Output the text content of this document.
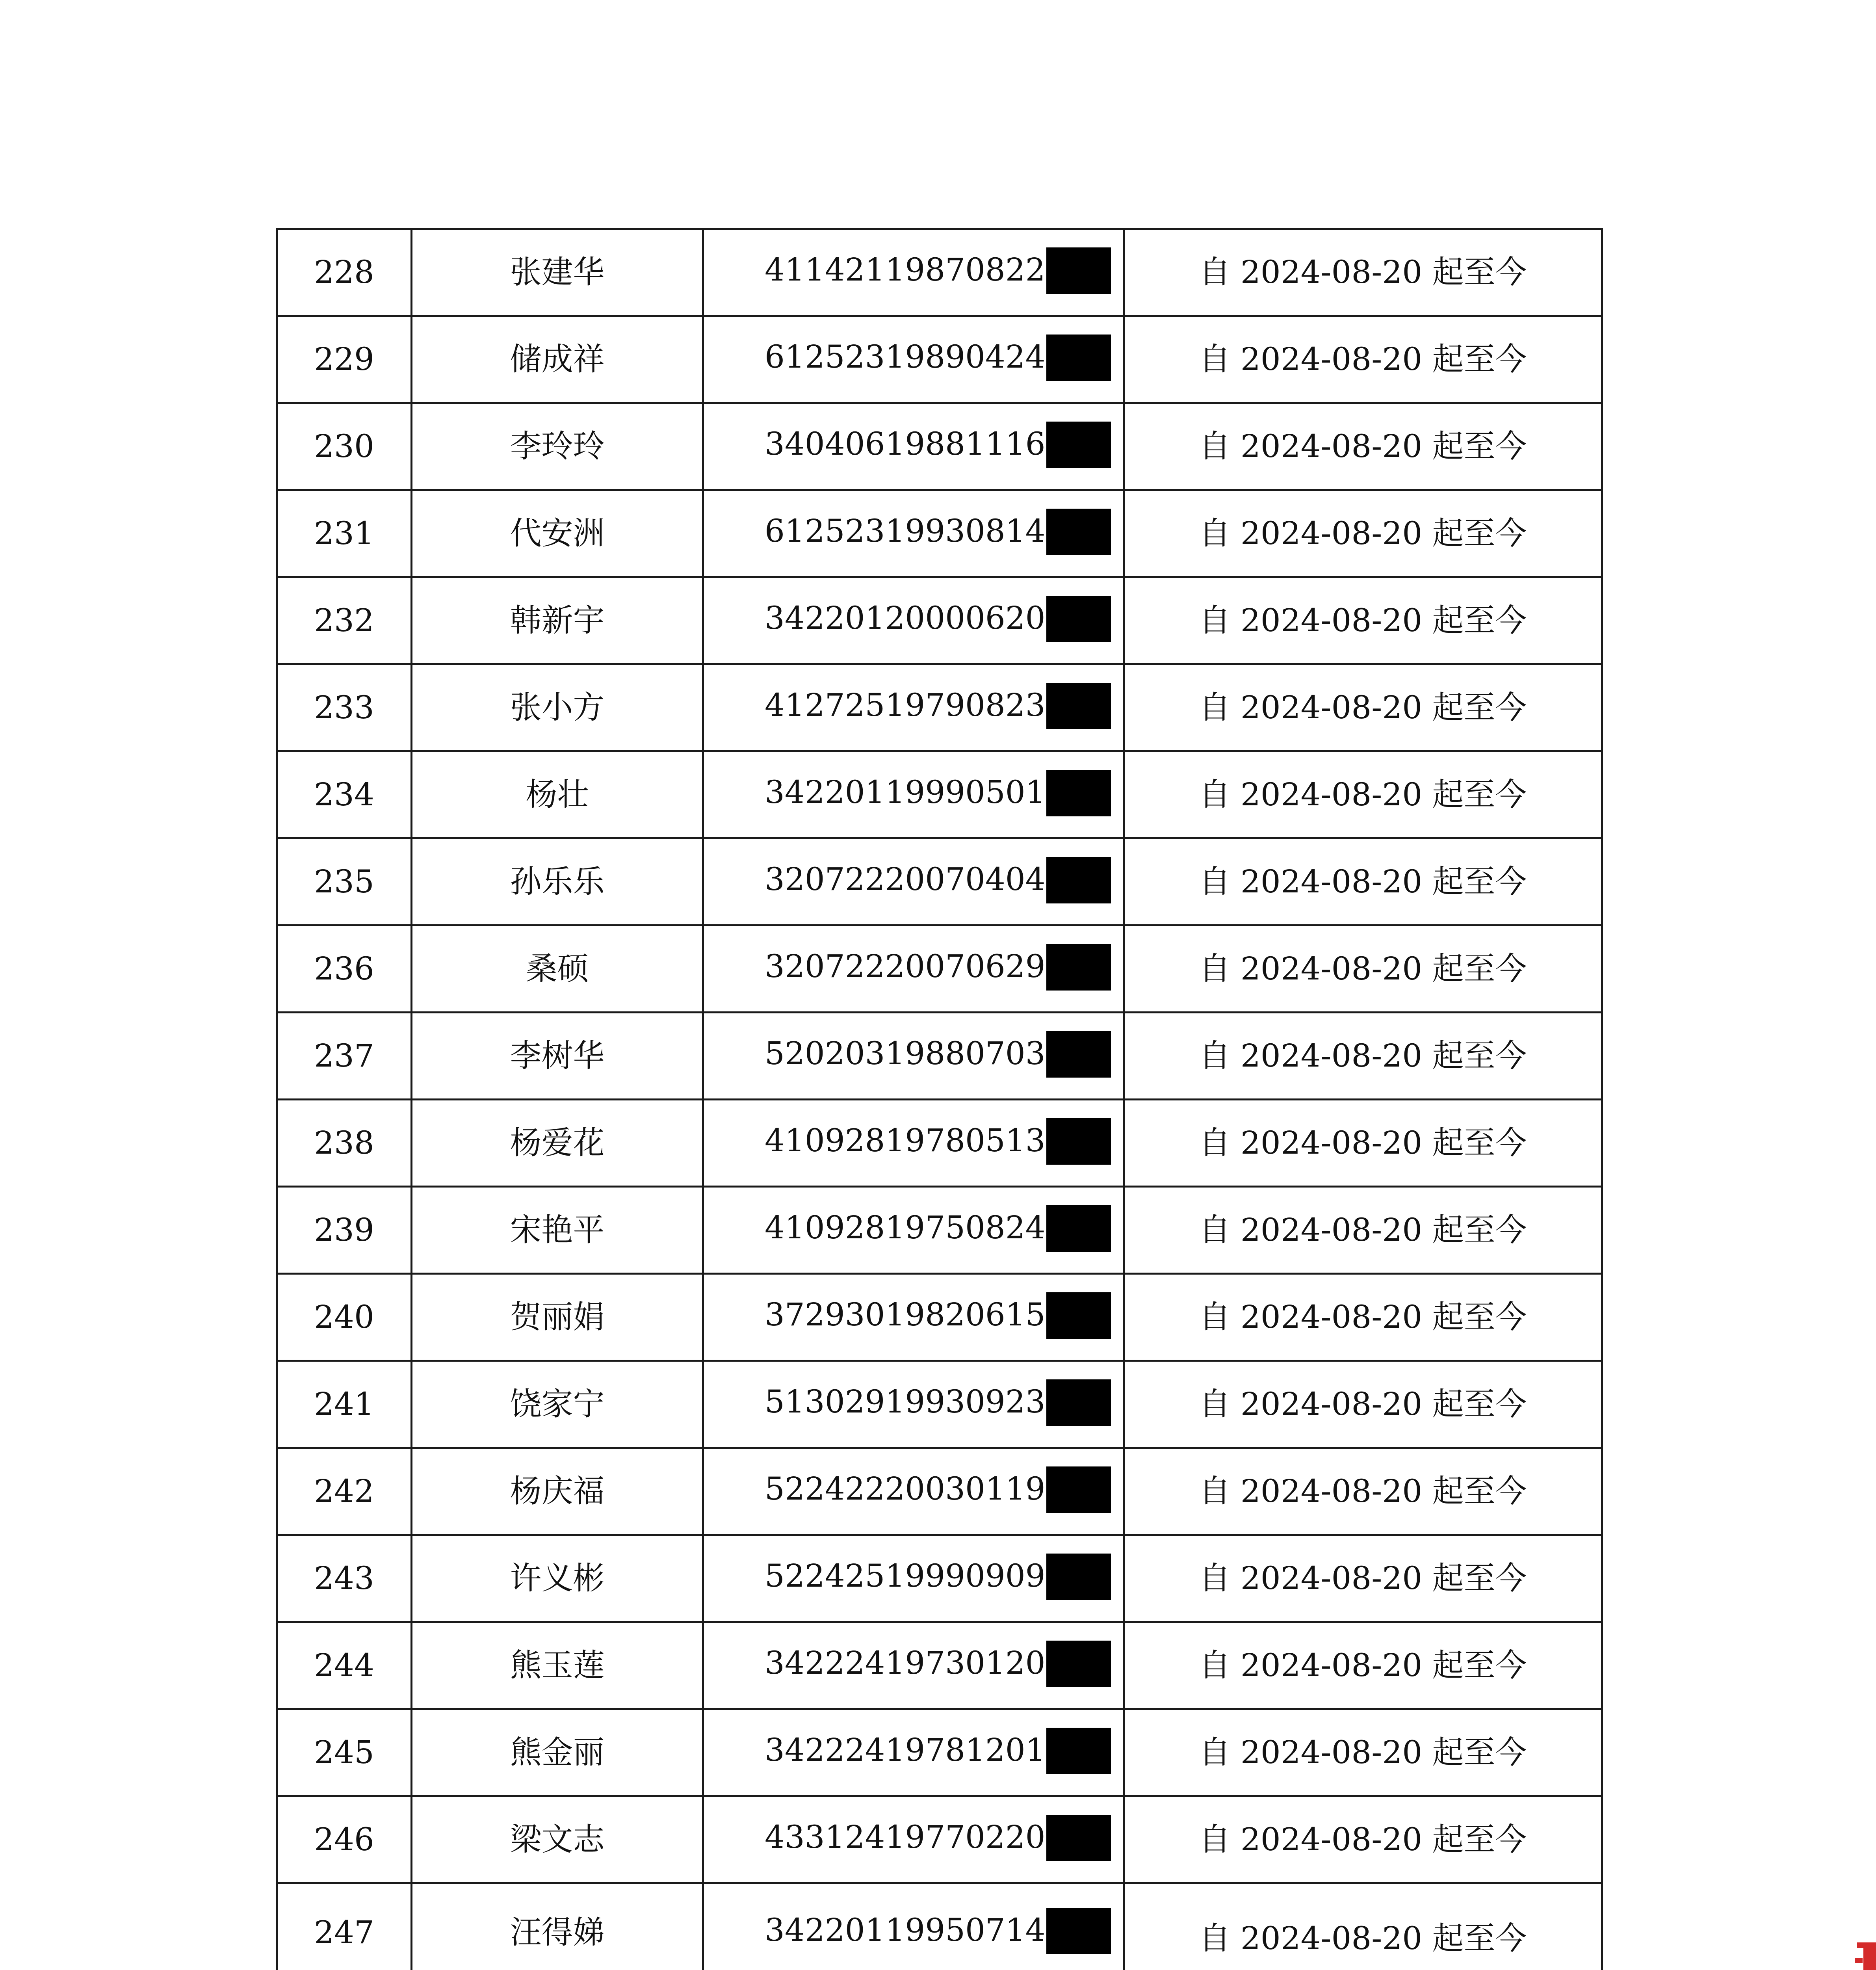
228	张建华	41142119870822	自 2024-08-20 起至今
229	储成祥	61252319890424	自 2024-08-20 起至今
230	李玲玲	34040619881116	自 2024-08-20 起至今
231	代安洲	61252319930814	自 2024-08-20 起至今
232	韩新宇	34220120000620	自 2024-08-20 起至今
233	张小方	41272519790823	自 2024-08-20 起至今
234	杨壮	34220119990501	自 2024-08-20 起至今
235	孙乐乐	32072220070404	自 2024-08-20 起至今
236	桑硕	32072220070629	自 2024-08-20 起至今
237	李树华	52020319880703	自 2024-08-20 起至今
238	杨爱花	41092819780513	自 2024-08-20 起至今
239	宋艳平	41092819750824	自 2024-08-20 起至今
240	贺丽娟	37293019820615	自 2024-08-20 起至今
241	饶家宁	51302919930923	自 2024-08-20 起至今
242	杨庆福	52242220030119	自 2024-08-20 起至今
243	许义彬	52242519990909	自 2024-08-20 起至今
244	熊玉莲	34222419730120	自 2024-08-20 起至今
245	熊金丽	34222419781201	自 2024-08-20 起至今
246	梁文志	43312419770220	自 2024-08-20 起至今
247	汪得娣	34220119950714	自 2024-08-20 起至今
